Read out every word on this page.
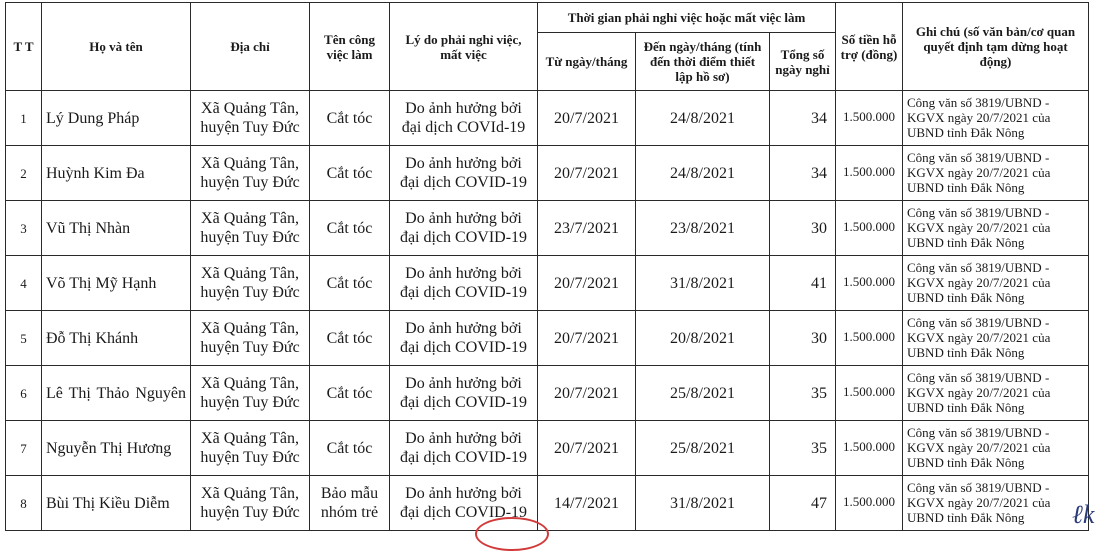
T T	Họ và tên	Địa chỉ	Tên công việc làm	Lý do phải nghỉ việc, mất việc	Thời gian phải nghỉ việc hoặc mất việc làm			Số tiền hỗ trợ (đồng)	Ghi chú (số văn bản/cơ quan quyết định tạm dừng hoạt động)
					Từ ngày/tháng	Đến ngày/tháng (tính đến thời điểm thiết lập hồ sơ)	Tổng số ngày nghỉ		
1	Lý Dung Pháp	Xã Quảng Tân, huyện Tuy Đức	Cắt tóc	Do ảnh hưởng bởi đại dịch COVId-19	20/7/2021	24/8/2021	34	1.500.000	Công văn số 3819/UBND - KGVX ngày 20/7/2021 của UBND tỉnh Đắk Nông
2	Huỳnh Kim Đa	Xã Quảng Tân, huyện Tuy Đức	Cắt tóc	Do ảnh hưởng bởi đại dịch COVID-19	20/7/2021	24/8/2021	34	1.500.000	Công văn số 3819/UBND - KGVX ngày 20/7/2021 của UBND tỉnh Đắk Nông
3	Vũ Thị Nhàn	Xã Quảng Tân, huyện Tuy Đức	Cắt tóc	Do ảnh hưởng bởi đại dịch COVID-19	23/7/2021	23/8/2021	30	1.500.000	Công văn số 3819/UBND - KGVX ngày 20/7/2021 của UBND tỉnh Đắk Nông
4	Võ Thị Mỹ Hạnh	Xã Quảng Tân, huyện Tuy Đức	Cắt tóc	Do ảnh hưởng bởi đại dịch COVID-19	20/7/2021	31/8/2021	41	1.500.000	Công văn số 3819/UBND - KGVX ngày 20/7/2021 của UBND tỉnh Đắk Nông
5	Đỗ Thị Khánh	Xã Quảng Tân, huyện Tuy Đức	Cắt tóc	Do ảnh hưởng bởi đại dịch COVID-19	20/7/2021	20/8/2021	30	1.500.000	Công văn số 3819/UBND - KGVX ngày 20/7/2021 của UBND tỉnh Đắk Nông
6	Lê Thị Thảo Nguyên	Xã Quảng Tân, huyện Tuy Đức	Cắt tóc	Do ảnh hưởng bởi đại dịch COVID-19	20/7/2021	25/8/2021	35	1.500.000	Công văn số 3819/UBND - KGVX ngày 20/7/2021 của UBND tỉnh Đắk Nông
7	Nguyễn Thị Hương	Xã Quảng Tân, huyện Tuy Đức	Cắt tóc	Do ảnh hưởng bởi đại dịch COVID-19	20/7/2021	25/8/2021	35	1.500.000	Công văn số 3819/UBND - KGVX ngày 20/7/2021 của UBND tỉnh Đắk Nông
8	Bùi Thị Kiều Diễm	Xã Quảng Tân, huyện Tuy Đức	Bảo mẫu nhóm trẻ	Do ảnh hưởng bởi đại dịch COVID-19	14/7/2021	31/8/2021	47	1.500.000	Công văn số 3819/UBND - KGVX ngày 20/7/2021 của UBND tỉnh Đắk Nông ℓk
